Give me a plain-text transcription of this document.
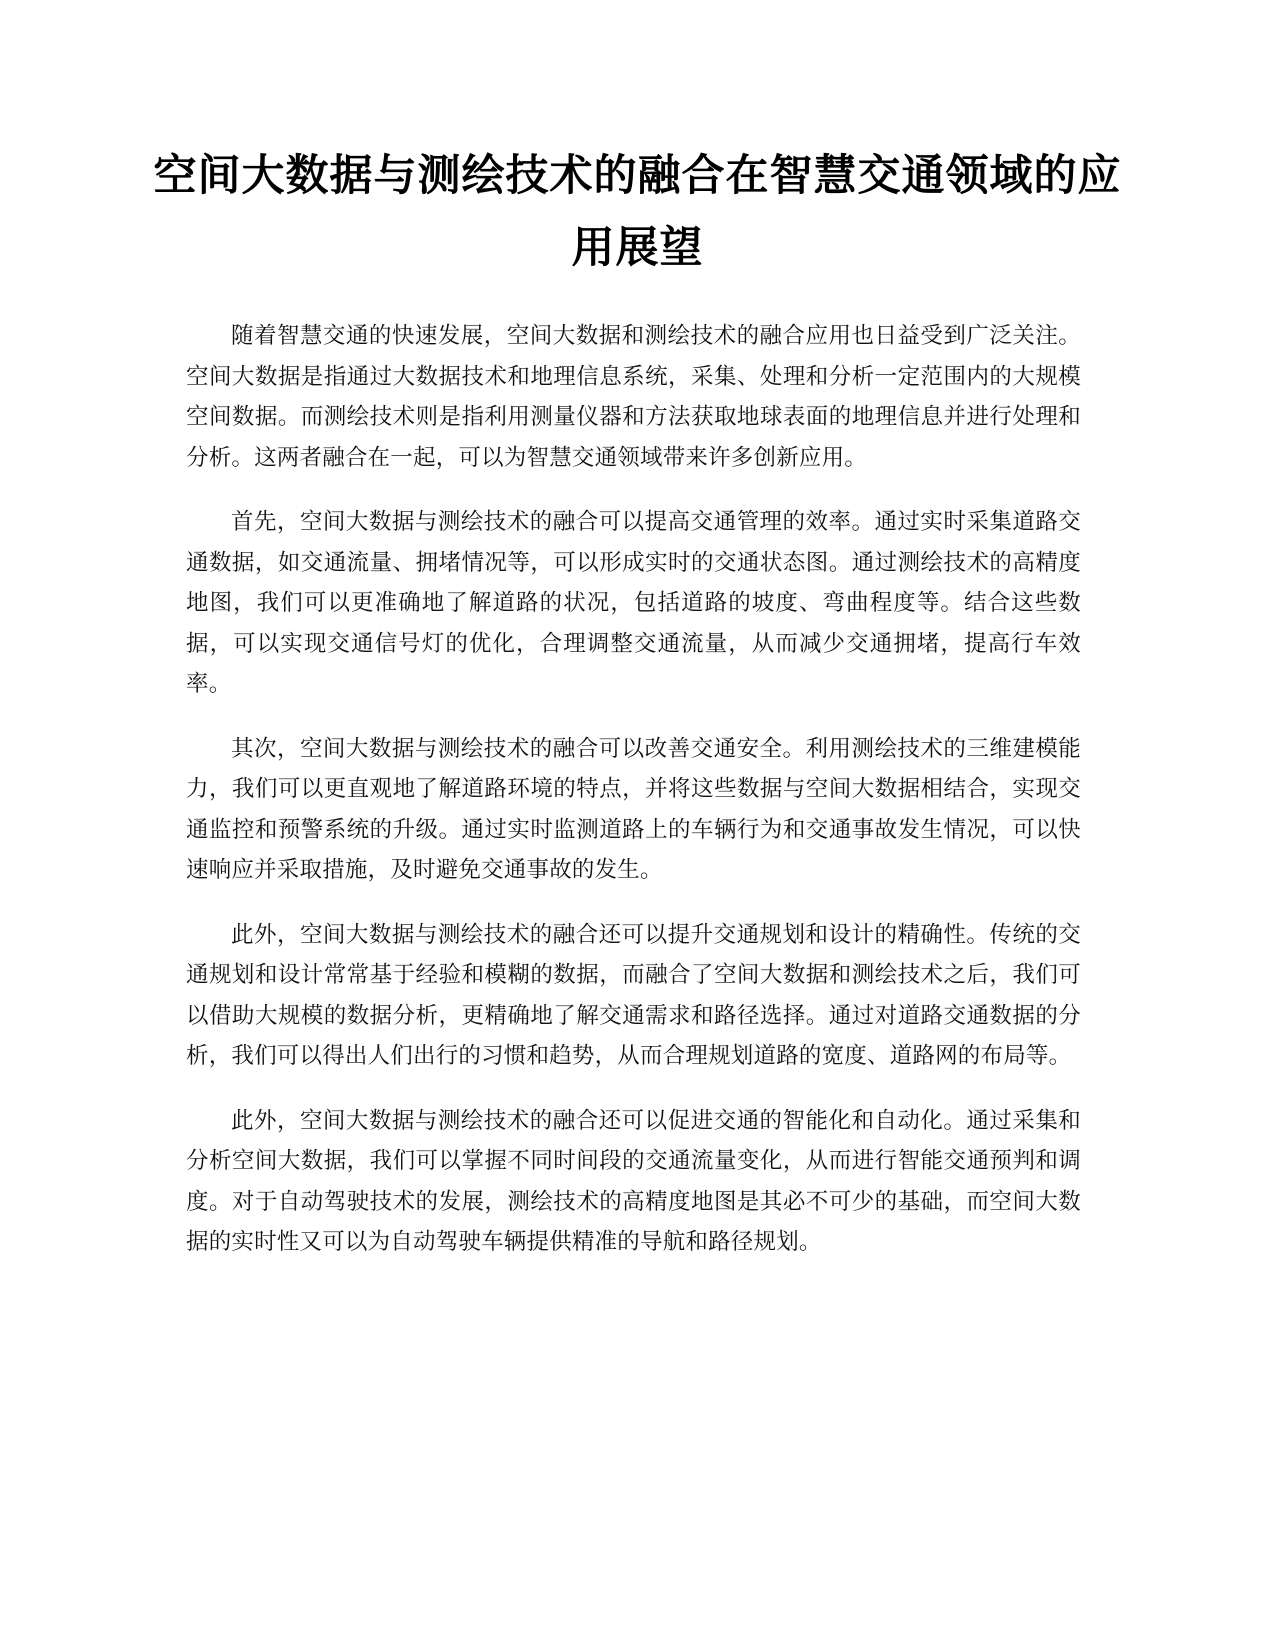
空间大数据与测绘技术的融合在智慧交通领域的应用展望

随着智慧交通的快速发展，空间大数据和测绘技术的融合应用也日益受到广泛关注。空间大数据是指通过大数据技术和地理信息系统，采集、处理和分析一定范围内的大规模空间数据。而测绘技术则是指利用测量仪器和方法获取地球表面的地理信息并进行处理和分析。这两者融合在一起，可以为智慧交通领域带来许多创新应用。

首先，空间大数据与测绘技术的融合可以提高交通管理的效率。通过实时采集道路交通数据，如交通流量、拥堵情况等，可以形成实时的交通状态图。通过测绘技术的高精度地图，我们可以更准确地了解道路的状况，包括道路的坡度、弯曲程度等。结合这些数据，可以实现交通信号灯的优化，合理调整交通流量，从而减少交通拥堵，提高行车效率。

其次，空间大数据与测绘技术的融合可以改善交通安全。利用测绘技术的三维建模能力，我们可以更直观地了解道路环境的特点，并将这些数据与空间大数据相结合，实现交通监控和预警系统的升级。通过实时监测道路上的车辆行为和交通事故发生情况，可以快速响应并采取措施，及时避免交通事故的发生。

此外，空间大数据与测绘技术的融合还可以提升交通规划和设计的精确性。传统的交通规划和设计常常基于经验和模糊的数据，而融合了空间大数据和测绘技术之后，我们可以借助大规模的数据分析，更精确地了解交通需求和路径选择。通过对道路交通数据的分析，我们可以得出人们出行的习惯和趋势，从而合理规划道路的宽度、道路网的布局等。

此外，空间大数据与测绘技术的融合还可以促进交通的智能化和自动化。通过采集和分析空间大数据，我们可以掌握不同时间段的交通流量变化，从而进行智能交通预判和调度。对于自动驾驶技术的发展，测绘技术的高精度地图是其必不可少的基础，而空间大数据的实时性又可以为自动驾驶车辆提供精准的导航和路径规划。
